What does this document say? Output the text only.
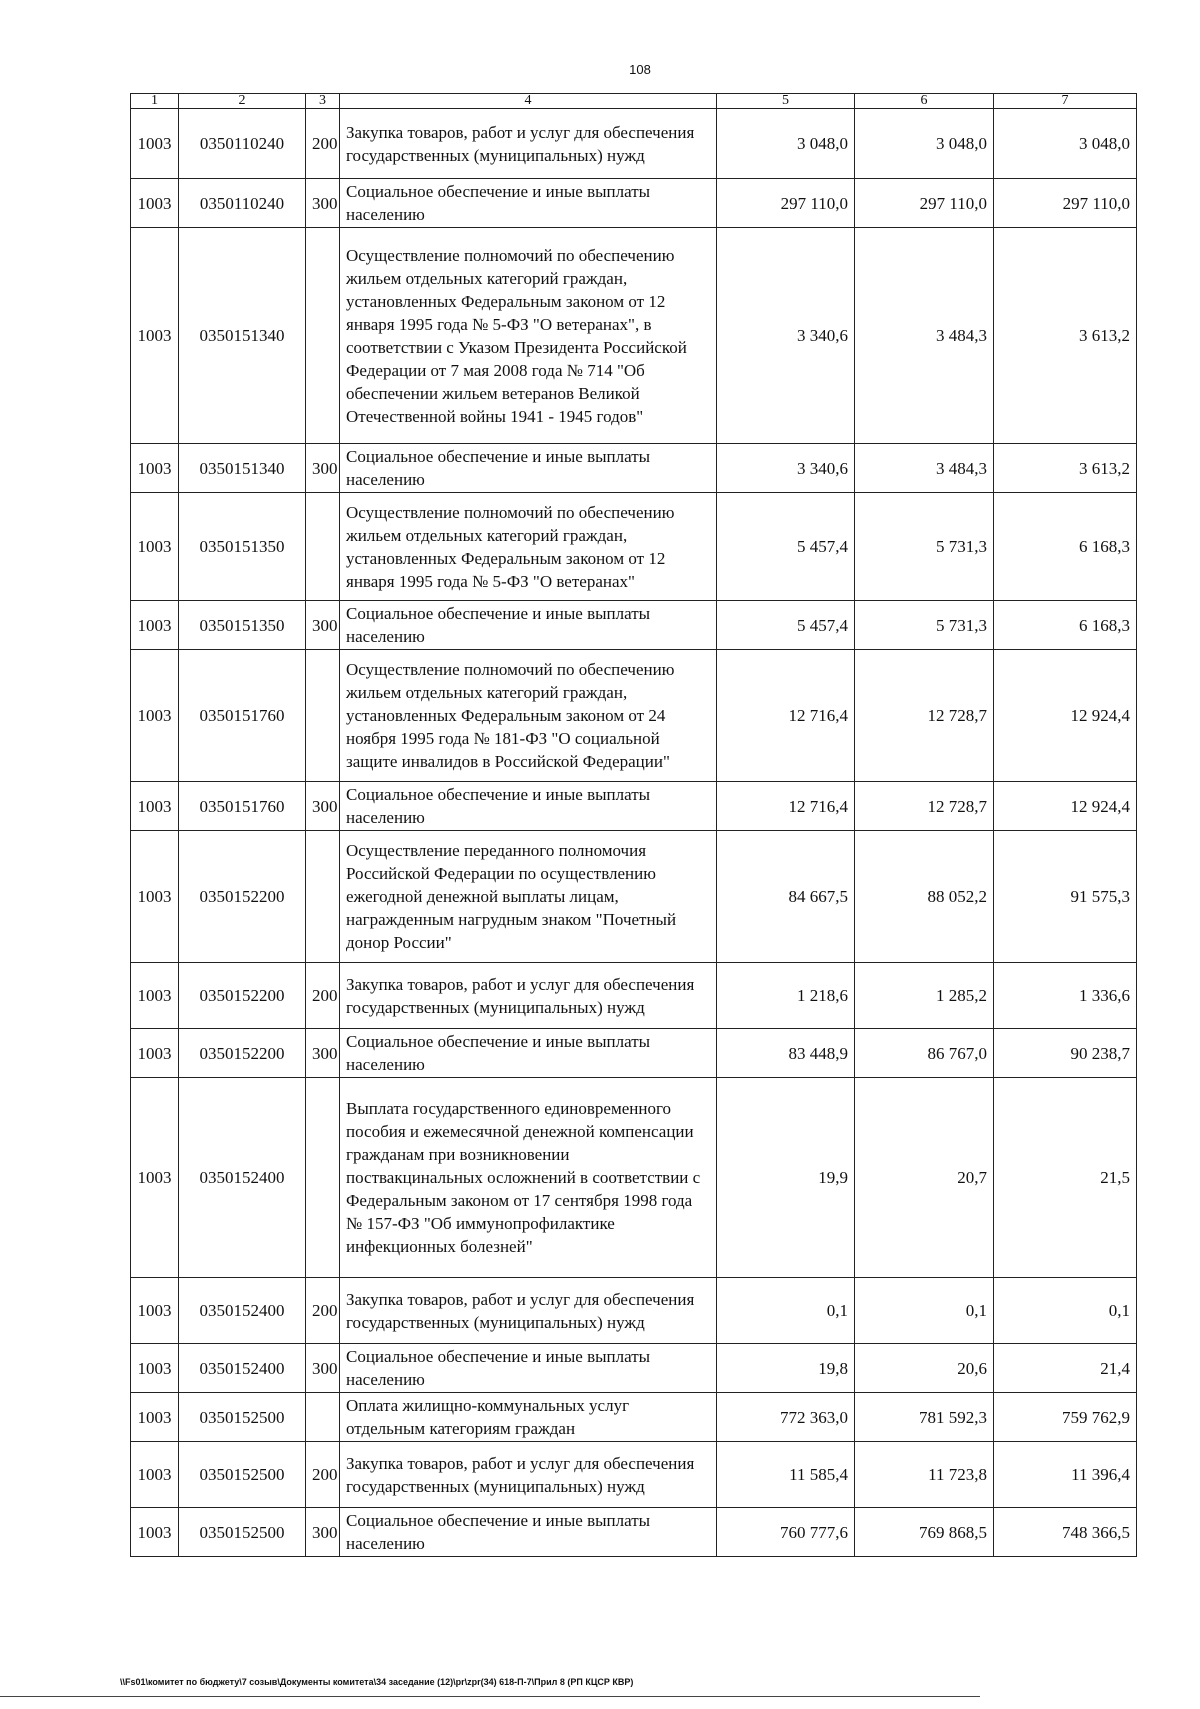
108
1	2	3	4	5	6	7
1003	0350110240	200	Закупка товаров, работ и услуг для обеспечения государственных (муниципальных) нужд	3 048,0	3 048,0	3 048,0
1003	0350110240	300	Социальное обеспечение и иные выплаты населению	297 110,0	297 110,0	297 110,0
1003	0350151340		Осуществление полномочий по обеспечению жильем отдельных категорий граждан, установленных Федеральным законом от 12 января 1995 года № 5-ФЗ "О ветеранах", в соответствии с Указом Президента Российской Федерации от 7 мая 2008 года № 714 "Об обеспечении жильем ветеранов Великой Отечественной войны 1941 - 1945 годов"	3 340,6	3 484,3	3 613,2
1003	0350151340	300	Социальное обеспечение и иные выплаты населению	3 340,6	3 484,3	3 613,2
1003	0350151350		Осуществление полномочий по обеспечению жильем отдельных категорий граждан, установленных Федеральным законом от 12 января 1995 года № 5-ФЗ "О ветеранах"	5 457,4	5 731,3	6 168,3
1003	0350151350	300	Социальное обеспечение и иные выплаты населению	5 457,4	5 731,3	6 168,3
1003	0350151760		Осуществление полномочий по обеспечению жильем отдельных категорий граждан, установленных Федеральным законом от 24 ноября 1995 года № 181-ФЗ "О социальной защите инвалидов в Российской Федерации"	12 716,4	12 728,7	12 924,4
1003	0350151760	300	Социальное обеспечение и иные выплаты населению	12 716,4	12 728,7	12 924,4
1003	0350152200		Осуществление переданного полномочия Российской Федерации по осуществлению ежегодной денежной выплаты лицам, награжденным нагрудным знаком "Почетный донор России"	84 667,5	88 052,2	91 575,3
1003	0350152200	200	Закупка товаров, работ и услуг для обеспечения государственных (муниципальных) нужд	1 218,6	1 285,2	1 336,6
1003	0350152200	300	Социальное обеспечение и иные выплаты населению	83 448,9	86 767,0	90 238,7
1003	0350152400		Выплата государственного единовременного пособия и ежемесячной денежной компенсации гражданам при возникновении поствакцинальных осложнений в соответствии с Федеральным законом от 17 сентября 1998 года № 157-ФЗ "Об иммунопрофилактике инфекционных болезней"	19,9	20,7	21,5
1003	0350152400	200	Закупка товаров, работ и услуг для обеспечения государственных (муниципальных) нужд	0,1	0,1	0,1
1003	0350152400	300	Социальное обеспечение и иные выплаты населению	19,8	20,6	21,4
1003	0350152500		Оплата жилищно-коммунальных услуг отдельным категориям граждан	772 363,0	781 592,3	759 762,9
1003	0350152500	200	Закупка товаров, работ и услуг для обеспечения государственных (муниципальных) нужд	11 585,4	11 723,8	11 396,4
1003	0350152500	300	Социальное обеспечение и иные выплаты населению	760 777,6	769 868,5	748 366,5
\\Fs01\комитет по бюджету\7 созыв\Документы комитета\34 заседание (12)\pr\zpr(34) 618-П-7\Прил 8 (РП КЦСР КВР)
